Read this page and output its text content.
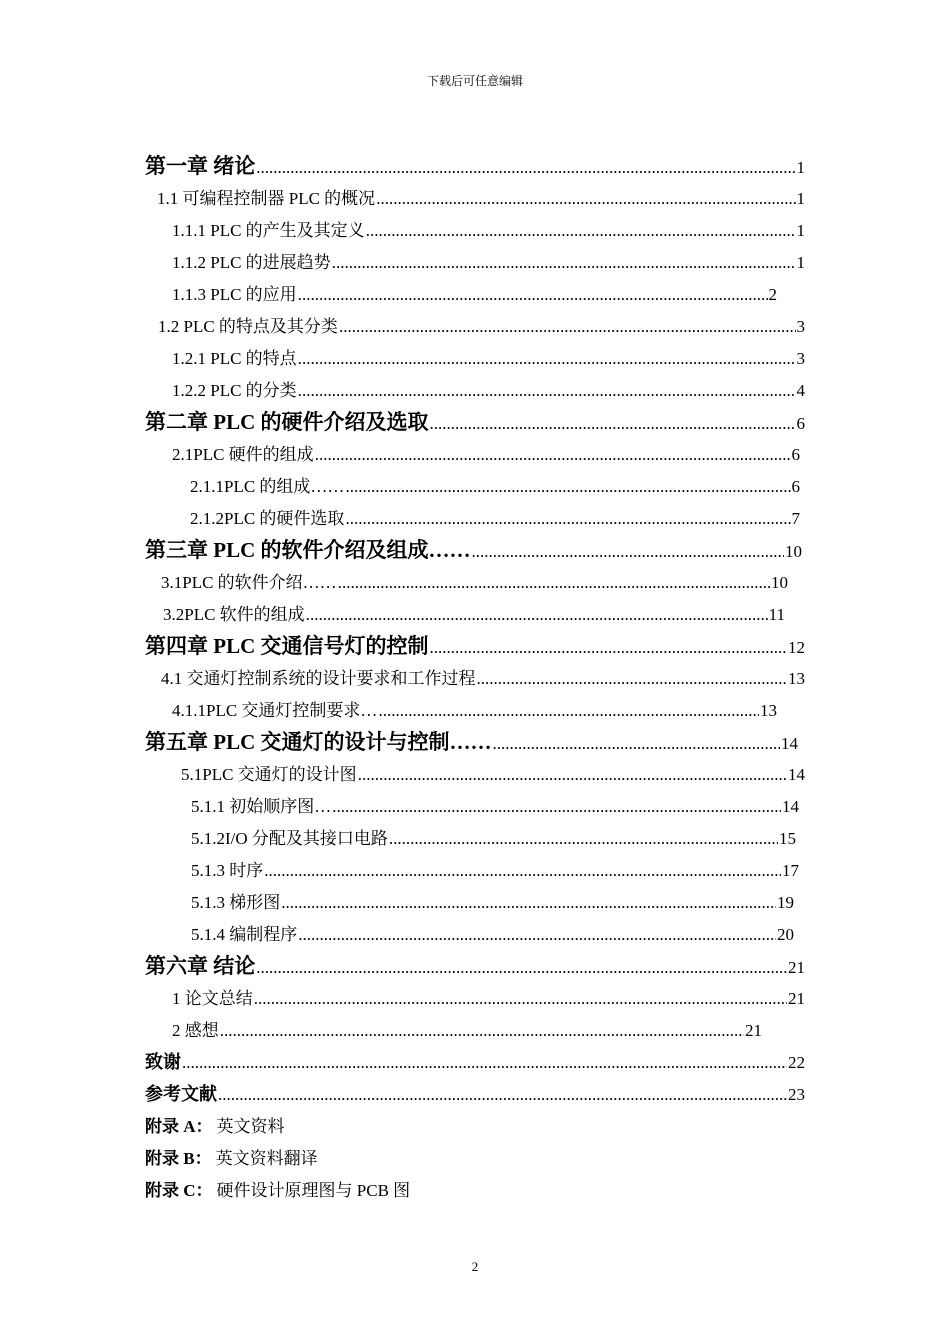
下载后可任意编辑
第一章 绪论 .....	1
1.1 可编程控制器 PLC 的概况 .....	1
1.1.1 PLC 的产生及其定义 .....	1
1.1.2 PLC 的进展趋势 .....	1
1.1.3 PLC 的应用 .....	2
1.2 PLC 的特点及其分类 .....	3
1.2.1 PLC 的特点 .....	3
1.2.2 PLC 的分类 .....	4
第二章 PLC 的硬件介绍及选取 .....	6
2.1PLC 硬件的组成 .....	6
2.1.1PLC 的组成…… .....	6
2.1.2PLC 的硬件选取 .....	7
第三章 PLC 的软件介绍及组成…… .....	10
3.1PLC 的软件介绍…… .....	10
3.2PLC 软件的组成 .....	11
第四章 PLC 交通信号灯的控制 .....	12
4.1 交通灯控制系统的设计要求和工作过程 .....	13
4.1.1PLC 交通灯控制要求… .....	13
第五章 PLC 交通灯的设计与控制…… .....	14
5.1PLC 交通灯的设计图 .....	14
5.1.1 初始顺序图… .....	14
5.1.2I/O 分配及其接口电路 .....	15
5.1.3 时序 .....	17
5.1.3 梯形图 .....	19
5.1.4 编制程序 .....	20
第六章 结论 .....	21
1 论文总结 .....	21
2 感想 .....	21
致谢 .....	22
参考文献 .....	23
附录 A： 英文资料
附录 B： 英文资料翻译
附录 C： 硬件设计原理图与 PCB 图
2
